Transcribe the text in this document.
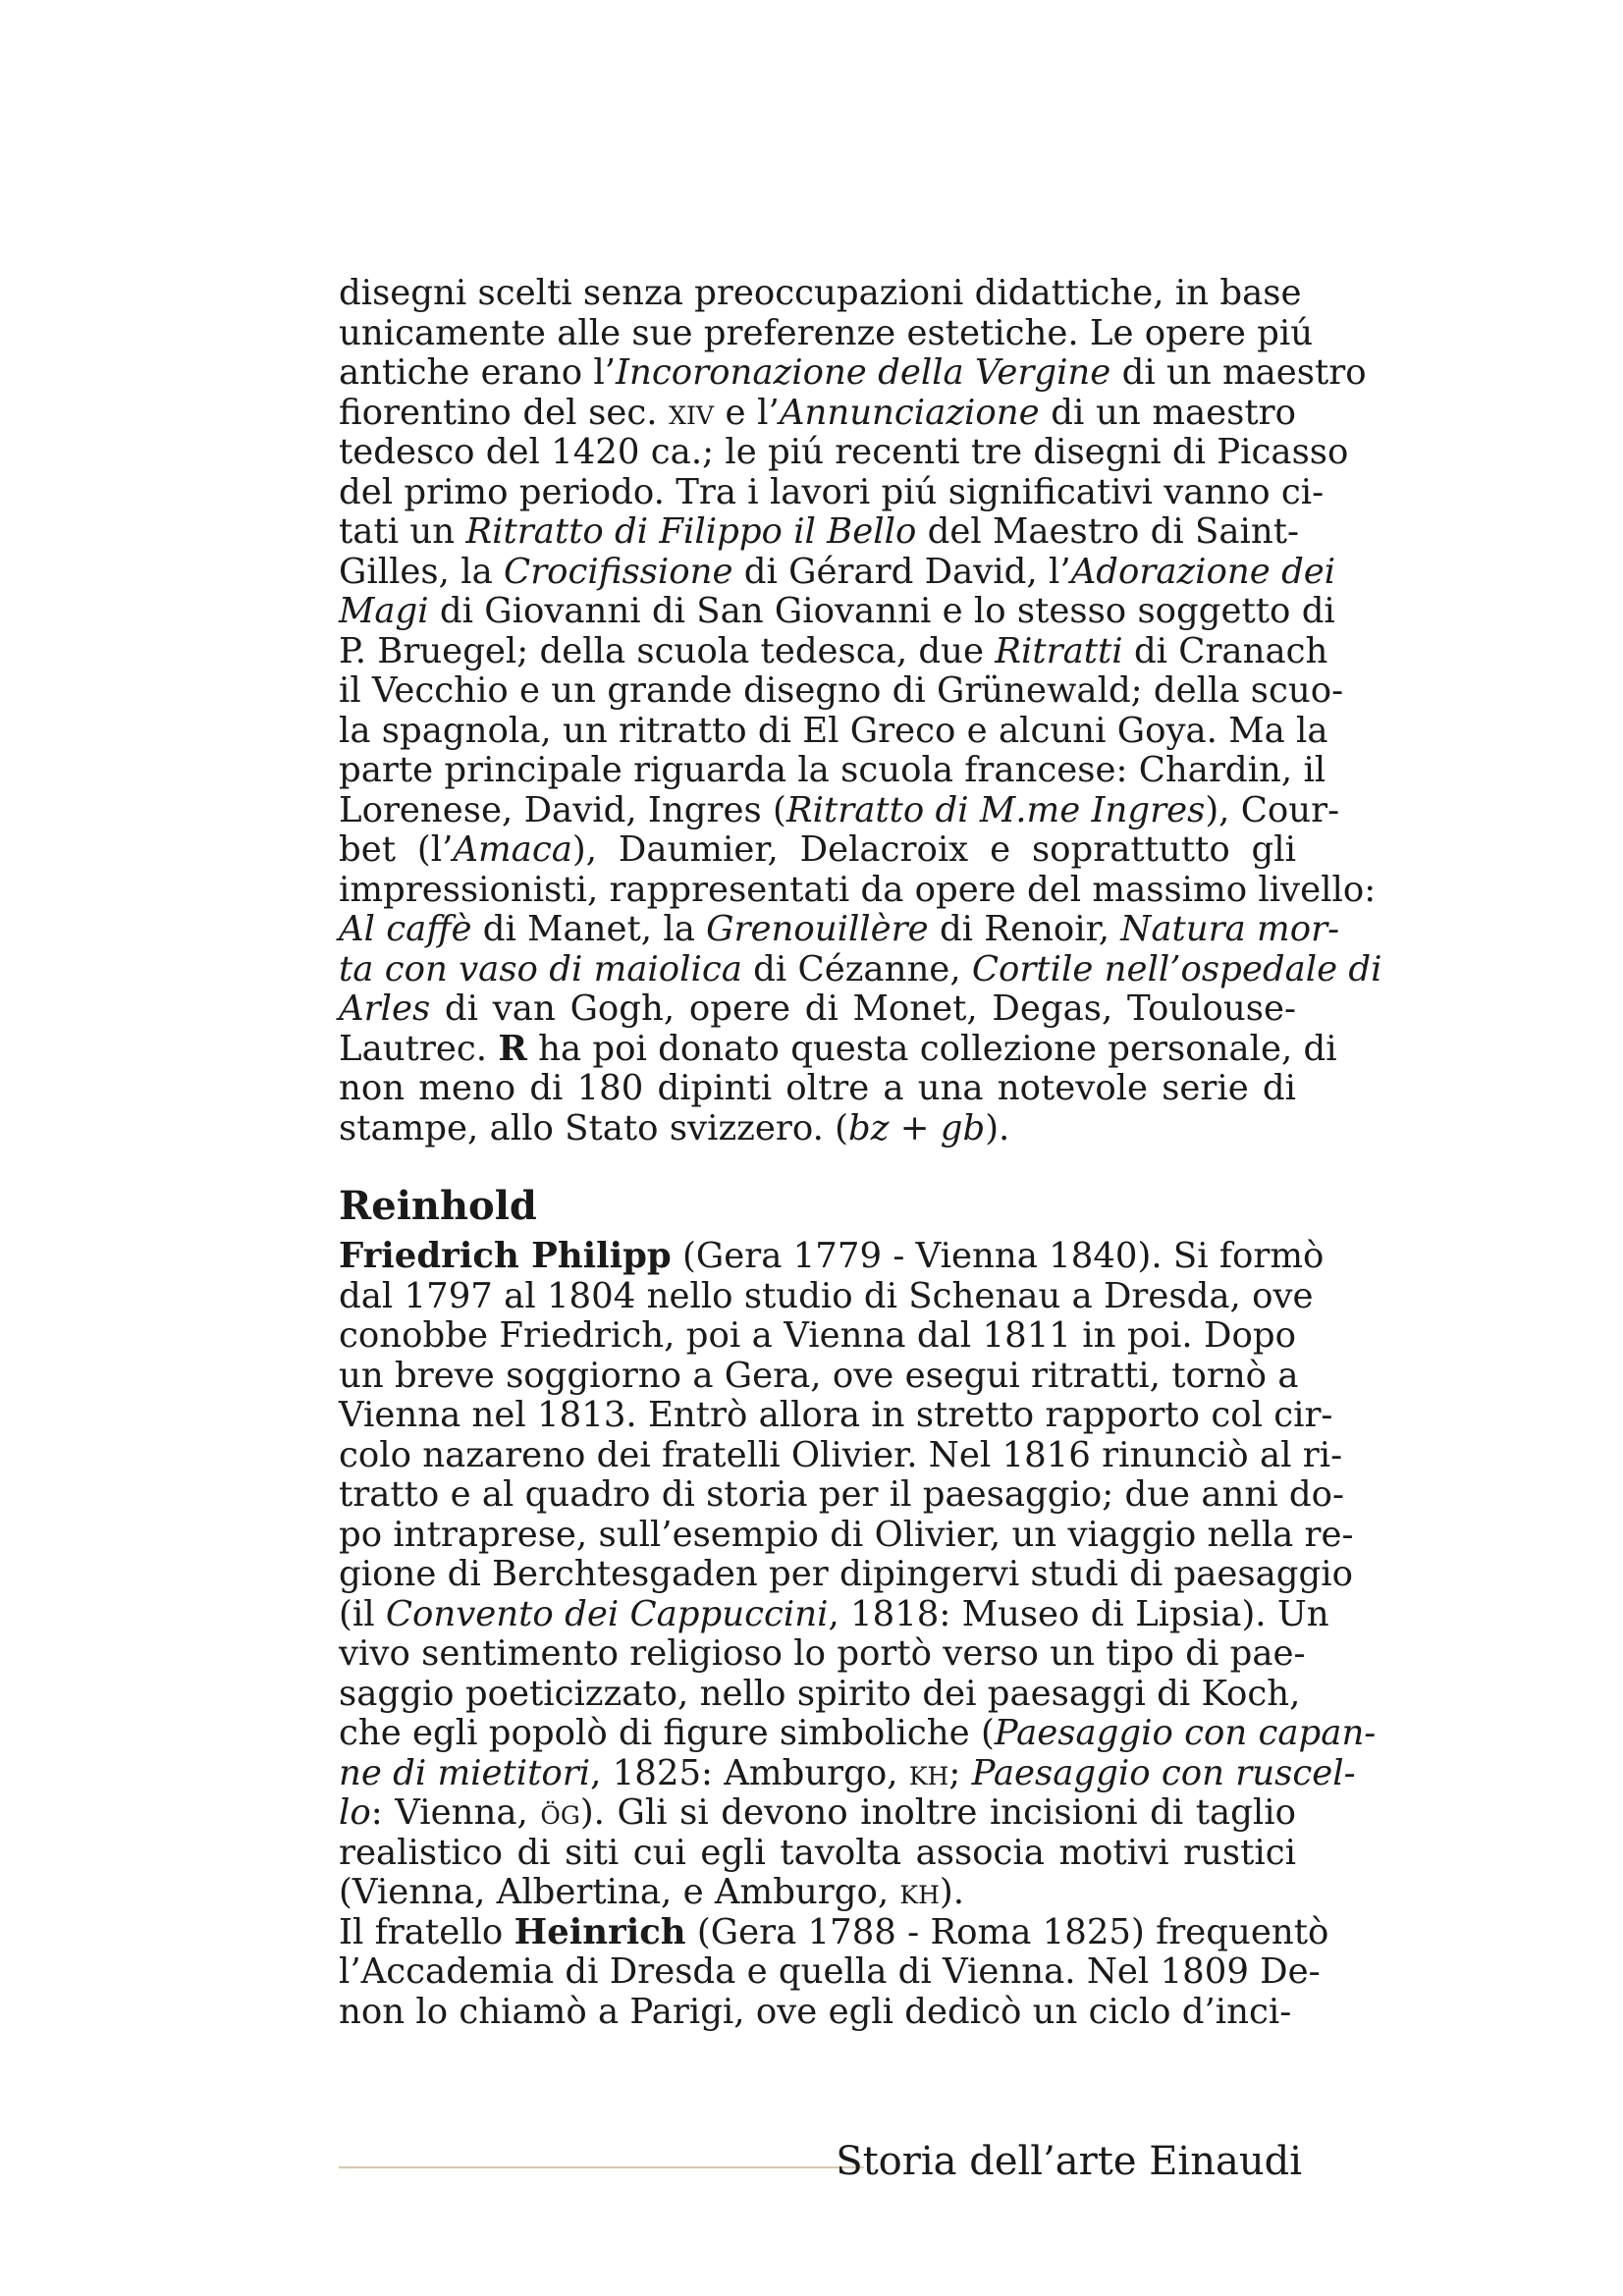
disegni scelti senza preoccupazioni didattiche, in base
unicamente alle sue preferenze estetiche. Le opere piú
antiche erano l’Incoronazione della Vergine di un maestro
fiorentino del sec. xiv e l’Annunciazione di un maestro
tedesco del 1420 ca.; le piú recenti tre disegni di Picasso
del primo periodo. Tra i lavori piú significativi vanno ci-
tati un Ritratto di Filippo il Bello del Maestro di Saint-
Gilles, la Crocifissione di Gérard David, l’Adorazione dei
Magi di Giovanni di San Giovanni e lo stesso soggetto di
P. Bruegel; della scuola tedesca, due Ritratti di Cranach
il Vecchio e un grande disegno di Grünewald; della scuo-
la spagnola, un ritratto di El Greco e alcuni Goya. Ma la
parte principale riguarda la scuola francese: Chardin, il
Lorenese, David, Ingres (Ritratto di M.me Ingres), Cour-
bet (l’Amaca), Daumier, Delacroix e soprattutto gli
impressionisti, rappresentati da opere del massimo livello:
Al caffè di Manet, la Grenouillère di Renoir, Natura mor-
ta con vaso di maiolica di Cézanne, Cortile nell’ospedale di
Arles di van Gogh, opere di Monet, Degas, Toulouse-
Lautrec. R ha poi donato questa collezione personale, di
non meno di 180 dipinti oltre a una notevole serie di
stampe, allo Stato svizzero. (bz + gb).
Reinhold
Friedrich Philipp (Gera 1779 - Vienna 1840). Si formò
dal 1797 al 1804 nello studio di Schenau a Dresda, ove
conobbe Friedrich, poi a Vienna dal 1811 in poi. Dopo
un breve soggiorno a Gera, ove esegui ritratti, tornò a
Vienna nel 1813. Entrò allora in stretto rapporto col cir-
colo nazareno dei fratelli Olivier. Nel 1816 rinunciò al ri-
tratto e al quadro di storia per il paesaggio; due anni do-
po intraprese, sull’esempio di Olivier, un viaggio nella re-
gione di Berchtesgaden per dipingervi studi di paesaggio
(il Convento dei Cappuccini, 1818: Museo di Lipsia). Un
vivo sentimento religioso lo portò verso un tipo di pae-
saggio poeticizzato, nello spirito dei paesaggi di Koch,
che egli popolò di figure simboliche (Paesaggio con capan-
ne di mietitori, 1825: Amburgo, kh; Paesaggio con ruscel-
lo: Vienna, ög). Gli si devono inoltre incisioni di taglio
realistico di siti cui egli tavolta associa motivi rustici
(Vienna, Albertina, e Amburgo, kh).
Il fratello Heinrich (Gera 1788 - Roma 1825) frequentò
l’Accademia di Dresda e quella di Vienna. Nel 1809 De-
non lo chiamò a Parigi, ove egli dedicò un ciclo d’inci-
Storia dell’arte Einaudi
